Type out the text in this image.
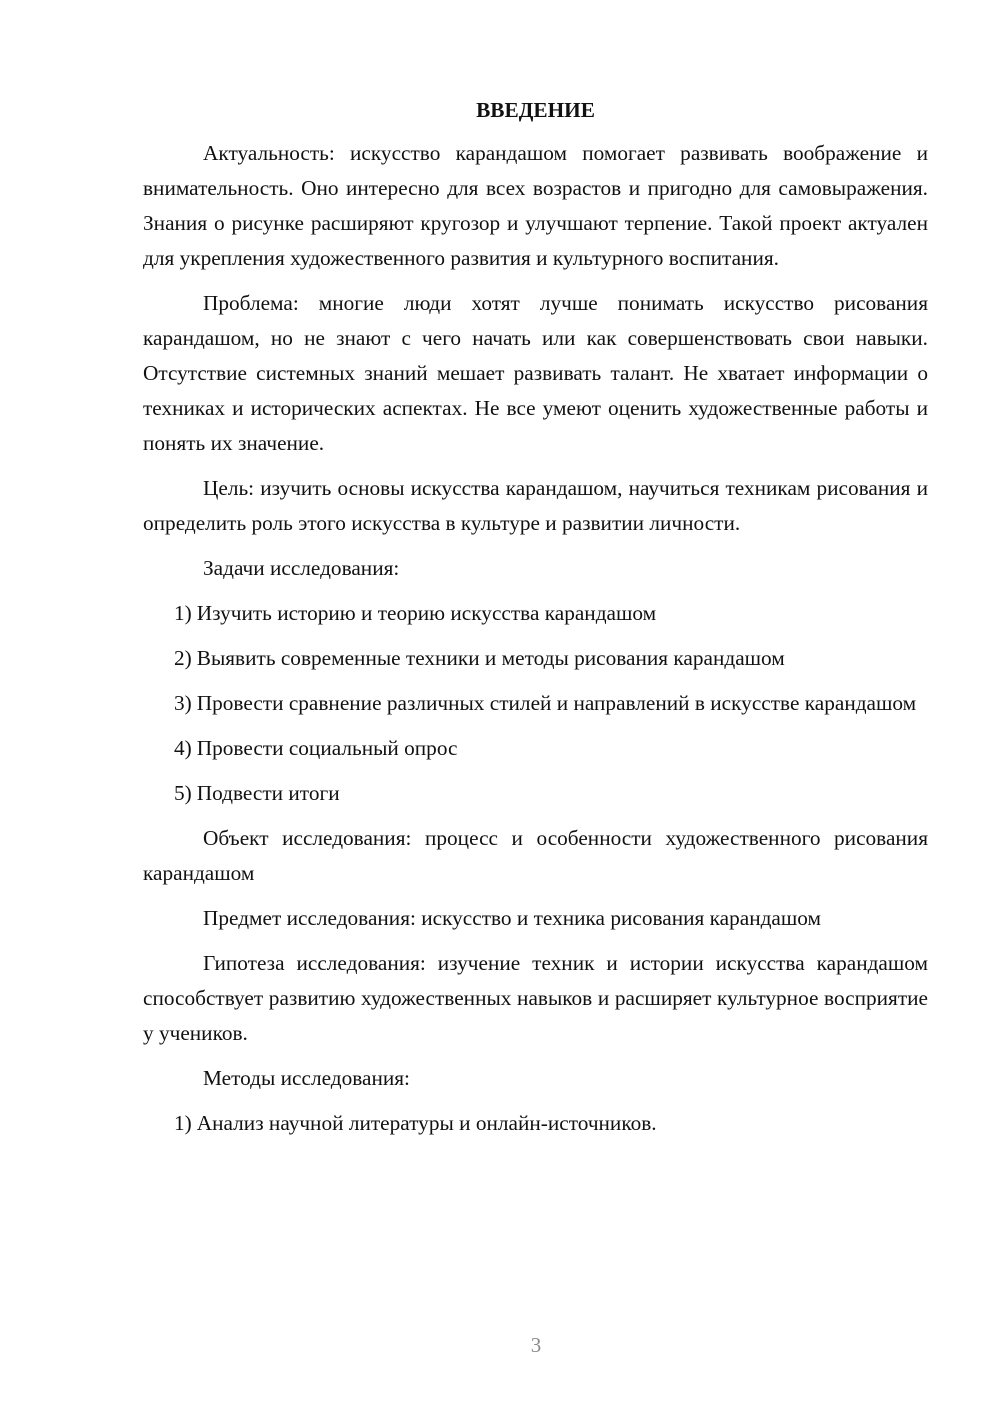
ВВЕДЕНИЕ

Актуальность: искусство карандашом помогает развивать воображение и внимательность. Оно интересно для всех возрастов и пригодно для самовыражения. Знания о рисунке расширяют кругозор и улучшают терпение. Такой проект актуален для укрепления художественного развития и культурного воспитания.

Проблема: многие люди хотят лучше понимать искусство рисования карандашом, но не знают с чего начать или как совершенствовать свои навыки. Отсутствие системных знаний мешает развивать талант. Не хватает информации о техниках и исторических аспектах. Не все умеют оценить художественные работы и понять их значение.

Цель: изучить основы искусства карандашом, научиться техникам рисования и определить роль этого искусства в культуре и развитии личности.

Задачи исследования:

1) Изучить историю и теорию искусства карандашом

2) Выявить современные техники и методы рисования карандашом

3) Провести сравнение различных стилей и направлений в искусстве карандашом

4) Провести социальный опрос

5) Подвести итоги

Объект исследования: процесс и особенности художественного рисования карандашом

Предмет исследования: искусство и техника рисования карандашом

Гипотеза исследования: изучение техник и истории искусства карандашом способствует развитию художественных навыков и расширяет культурное восприятие у учеников.

Методы исследования:

1) Анализ научной литературы и онлайн-источников.

3
